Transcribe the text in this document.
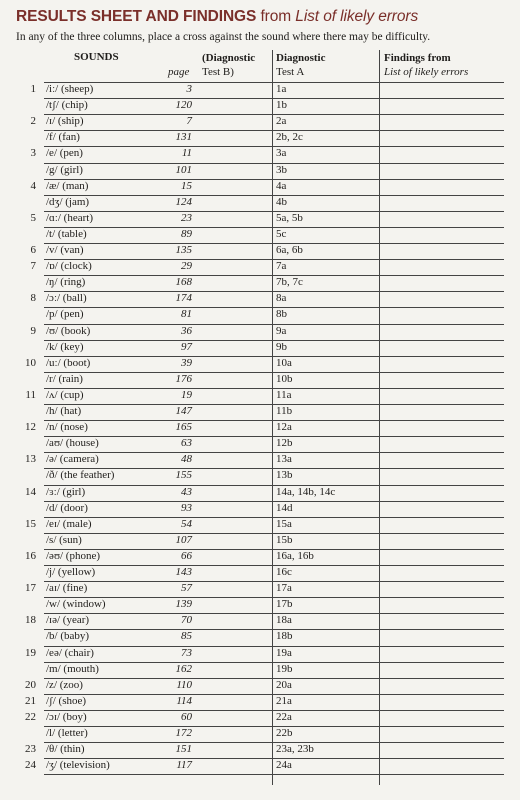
RESULTS SHEET AND FINDINGS from List of likely errors
In any of the three columns, place a cross against the sound where there may be difficulty.
SOUNDS
page
(Diagnostic
Test B)
Diagnostic
Test A
Findings from
List of likely errors
1 /iː/ (sheep)	3	1a
/tʃ/ (chip)	120	1b
2 /ɪ/ (ship)	7	2a
/f/ (fan)	131	2b, 2c
3 /e/ (pen)	11	3a
/g/ (girl)	101	3b
4 /æ/ (man)	15	4a
/dʒ/ (jam)	124	4b
5 /ɑː/ (heart)	23	5a, 5b
/t/ (table)	89	5c
6 /v/ (van)	135	6a, 6b
7 /ɒ/ (clock)	29	7a
/ŋ/ (ring)	168	7b, 7c
8 /ɔː/ (ball)	174	8a
/p/ (pen)	81	8b
9 /ʊ/ (book)	36	9a
/k/ (key)	97	9b
10 /uː/ (boot)	39	10a
/r/ (rain)	176	10b
11 /ʌ/ (cup)	19	11a
/h/ (hat)	147	11b
12 /n/ (nose)	165	12a
/aʊ/ (house)	63	12b
13 /ə/ (camera)	48	13a
/ð/ (the feather)	155	13b
14 /ɜː/ (girl)	43	14a, 14b, 14c
/d/ (door)	93	14d
15 /eɪ/ (male)	54	15a
/s/ (sun)	107	15b
16 /əʊ/ (phone)	66	16a, 16b
/j/ (yellow)	143	16c
17 /aɪ/ (fine)	57	17a
/w/ (window)	139	17b
18 /ɪə/ (year)	70	18a
/b/ (baby)	85	18b
19 /eə/ (chair)	73	19a
/m/ (mouth)	162	19b
20 /z/ (zoo)	110	20a
21 /ʃ/ (shoe)	114	21a
22 /ɔɪ/ (boy)	60	22a
/l/ (letter)	172	22b
23 /θ/ (thin)	151	23a, 23b
24 /ʒ/ (television)	117	24a
